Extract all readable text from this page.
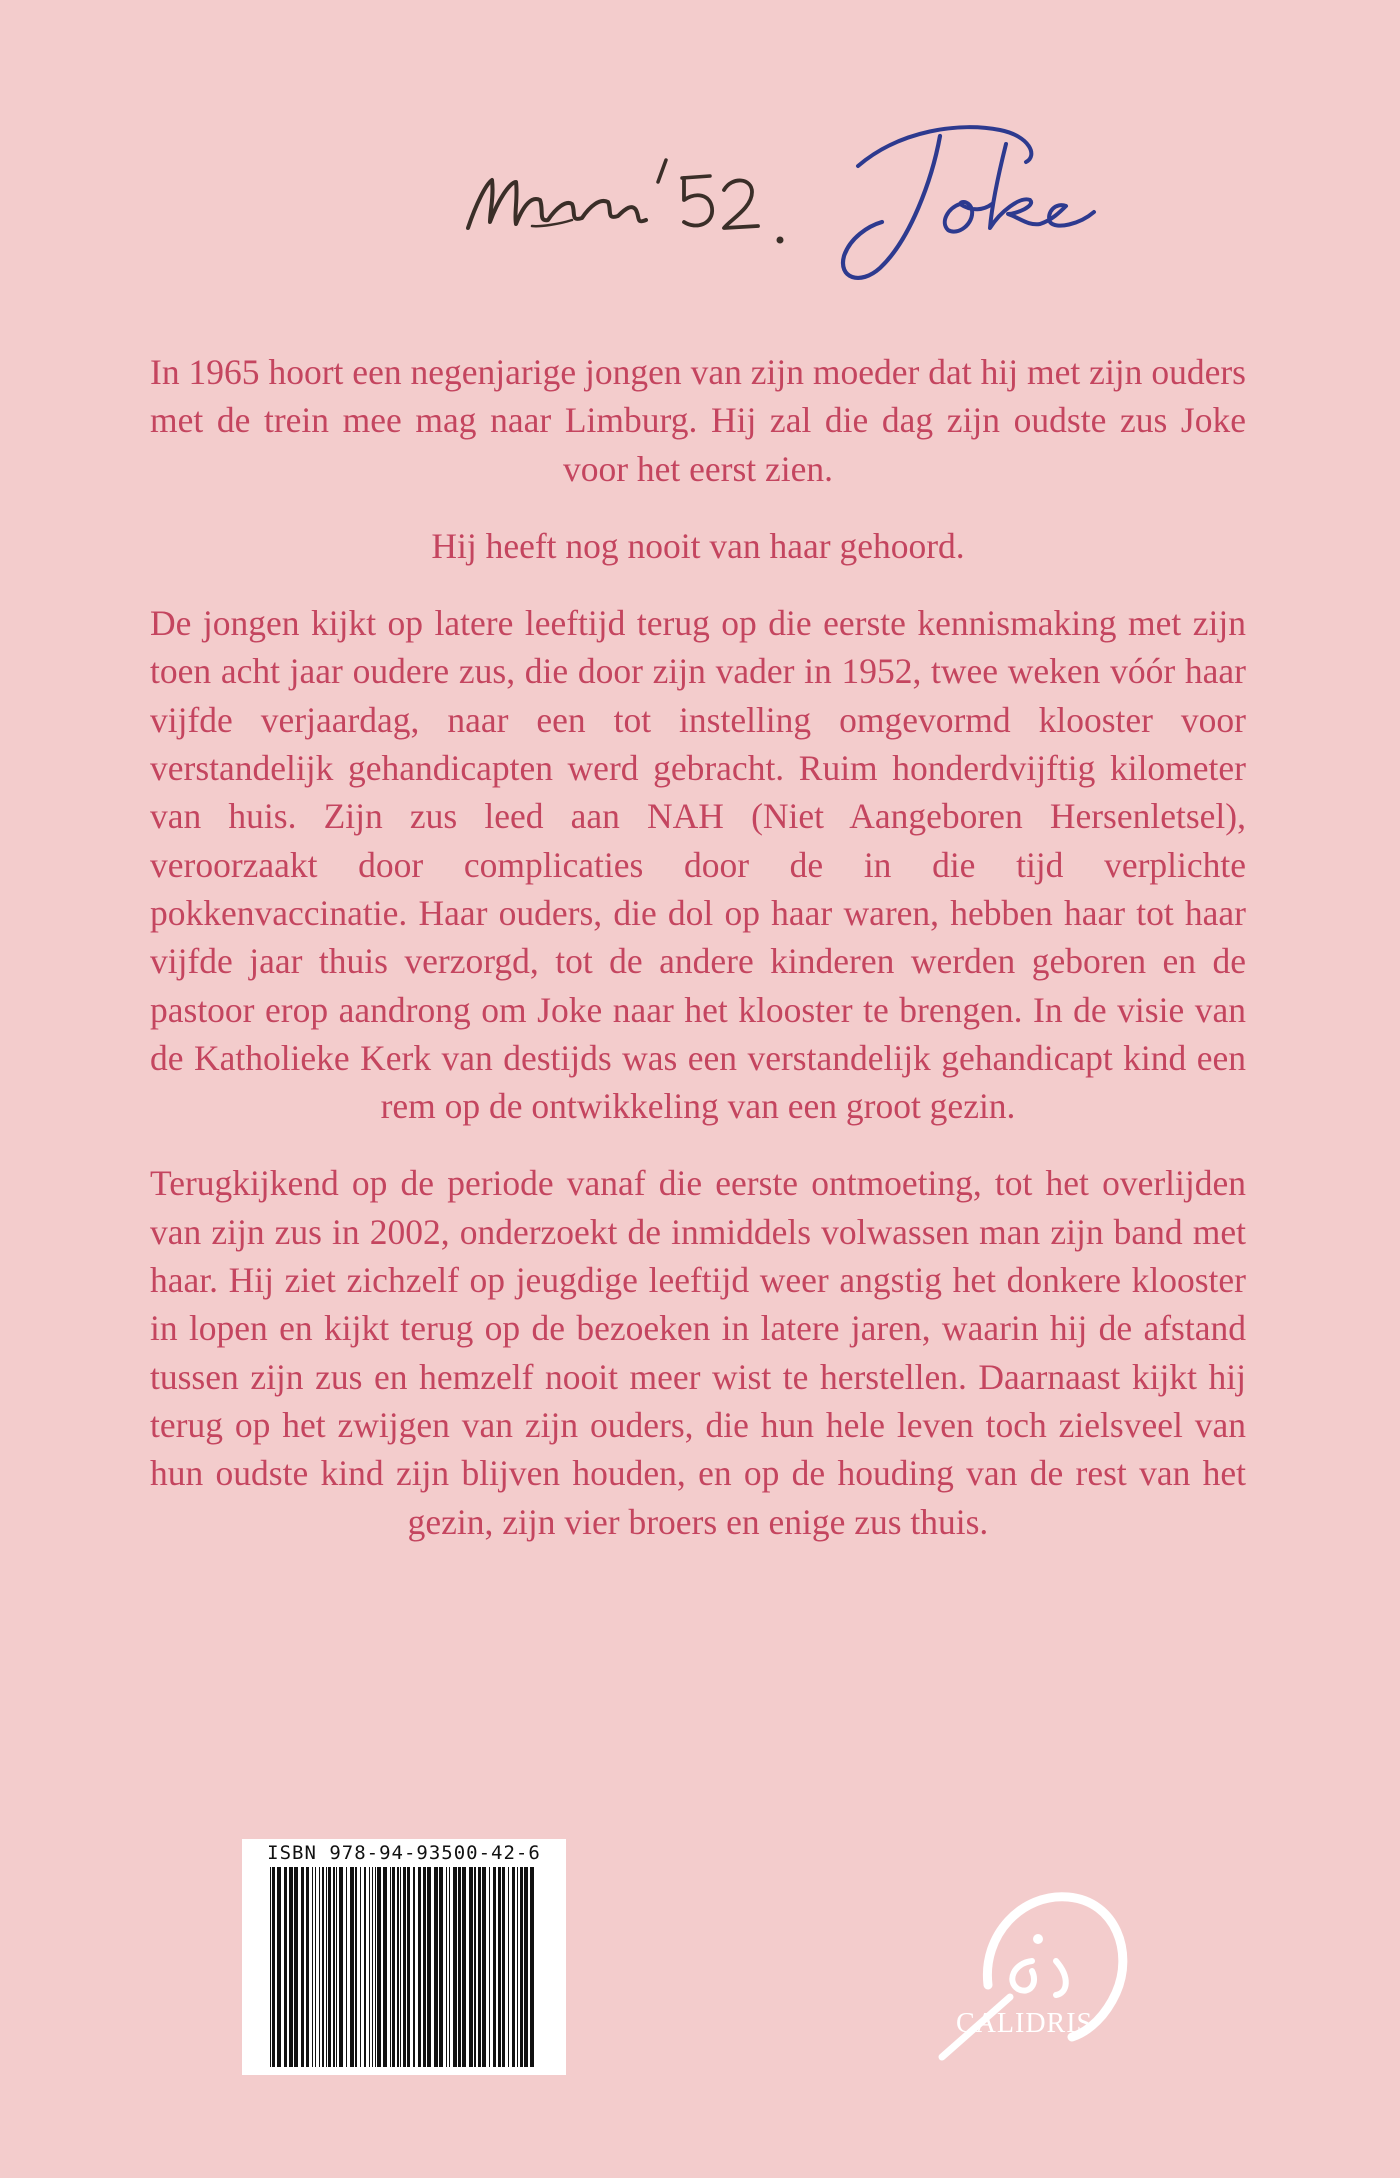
In 1965 hoort een negenjarige jongen van zijn moeder dat hij met zijn ouders met de trein mee mag naar Limburg. Hij zal die dag zijn oudste zus Joke voor het eerst zien.

Hij heeft nog nooit van haar gehoord.

De jongen kijkt op latere leeftijd terug op die eerste kennismaking met zijn toen acht jaar oudere zus, die door zijn vader in 1952, twee weken vóór haar vijfde verjaardag, naar een tot instelling omgevormd klooster voor verstandelijk gehandicapten werd gebracht. Ruim honderdvijftig kilometer van huis. Zijn zus leed aan NAH (Niet Aangeboren Hersenletsel), veroorzaakt door complicaties door de in die tijd verplichte pokkenvaccinatie. Haar ouders, die dol op haar waren, hebben haar tot haar vijfde jaar thuis verzorgd, tot de andere kinderen werden geboren en de pastoor erop aandrong om Joke naar het klooster te brengen. In de visie van de Katholieke Kerk van destijds was een verstandelijk gehandicapt kind een rem op de ontwikkeling van een groot gezin.

Terugkijkend op de periode vanaf die eerste ontmoeting, tot het overlijden van zijn zus in 2002, onderzoekt de inmiddels volwassen man zijn band met haar. Hij ziet zichzelf op jeugdige leeftijd weer angstig het donkere klooster in lopen en kijkt terug op de bezoeken in latere jaren, waarin hij de afstand tussen zijn zus en hemzelf nooit meer wist te herstellen. Daarnaast kijkt hij terug op het zwijgen van zijn ouders, die hun hele leven toch zielsveel van hun oudste kind zijn blijven houden, en op de houding van de rest van het gezin, zijn vier broers en enige zus thuis.

ISBN 978-94-93500-42-6
CALIDRIS
